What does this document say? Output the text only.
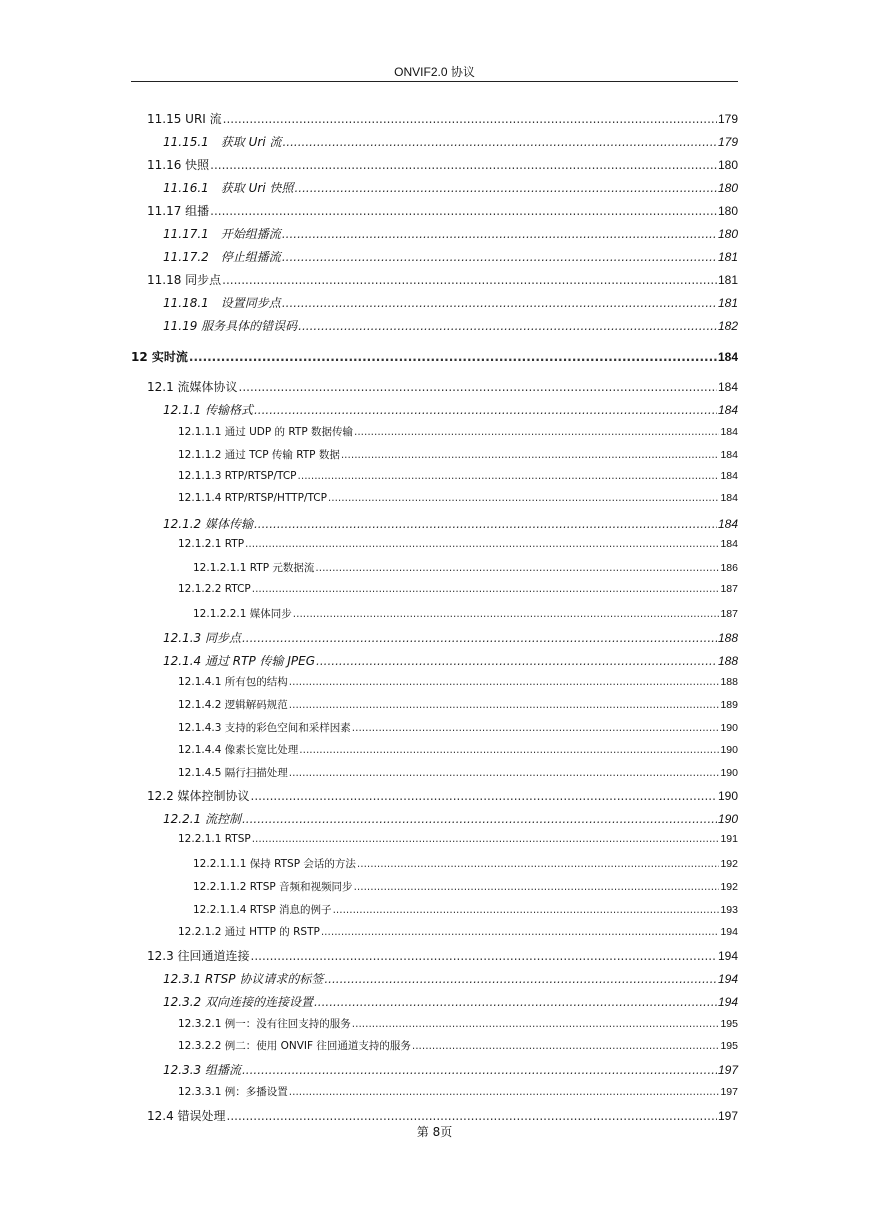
ONVIF2.0 协议
11.15 URI 流 .....	179
11.15.1　获取 Uri 流 .....	179
11.16 快照 .....	180
11.16.1　获取 Uri 快照 .....	180
11.17 组播 .....	180
11.17.1　开始组播流 .....	180
11.17.2　停止组播流 .....	181
11.18 同步点 .....	181
11.18.1　设置同步点 .....	181
11.19 服务具体的错误码 .....	182
12 实时流 .....	184
12.1 流媒体协议 .....	184
12.1.1 传输格式 .....	184
12.1.1.1 通过 UDP 的 RTP 数据传输 .....	184
12.1.1.2 通过 TCP 传输 RTP 数据 .....	184
12.1.1.3 RTP/RTSP/TCP .....	184
12.1.1.4 RTP/RTSP/HTTP/TCP .....	184
12.1.2 媒体传输 .....	184
12.1.2.1 RTP .....	184
12.1.2.1.1 RTP 元数据流 .....	186
12.1.2.2 RTCP .....	187
12.1.2.2.1 媒体同步 .....	187
12.1.3 同步点 .....	188
12.1.4 通过 RTP 传输 JPEG .....	188
12.1.4.1 所有包的结构 .....	188
12.1.4.2 逻辑解码规范 .....	189
12.1.4.3 支持的彩色空间和采样因素 .....	190
12.1.4.4 像素长宽比处理 .....	190
12.1.4.5 隔行扫描处理 .....	190
12.2 媒体控制协议 .....	190
12.2.1 流控制 .....	190
12.2.1.1 RTSP .....	191
12.2.1.1.1 保持 RTSP 会话的方法 .....	192
12.2.1.1.2 RTSP 音频和视频同步 .....	192
12.2.1.1.4 RTSP 消息的例子 .....	193
12.2.1.2 通过 HTTP 的 RSTP .....	194
12.3 往回通道连接 .....	194
12.3.1 RTSP 协议请求的标签 .....	194
12.3.2 双向连接的连接设置 .....	194
12.3.2.1 例一：没有往回支持的服务 .....	195
12.3.2.2 例二：使用 ONVIF 往回通道支持的服务 .....	195
12.3.3 组播流 .....	197
12.3.3.1 例：多播设置 .....	197
12.4 错误处理 .....	197
第 8页
